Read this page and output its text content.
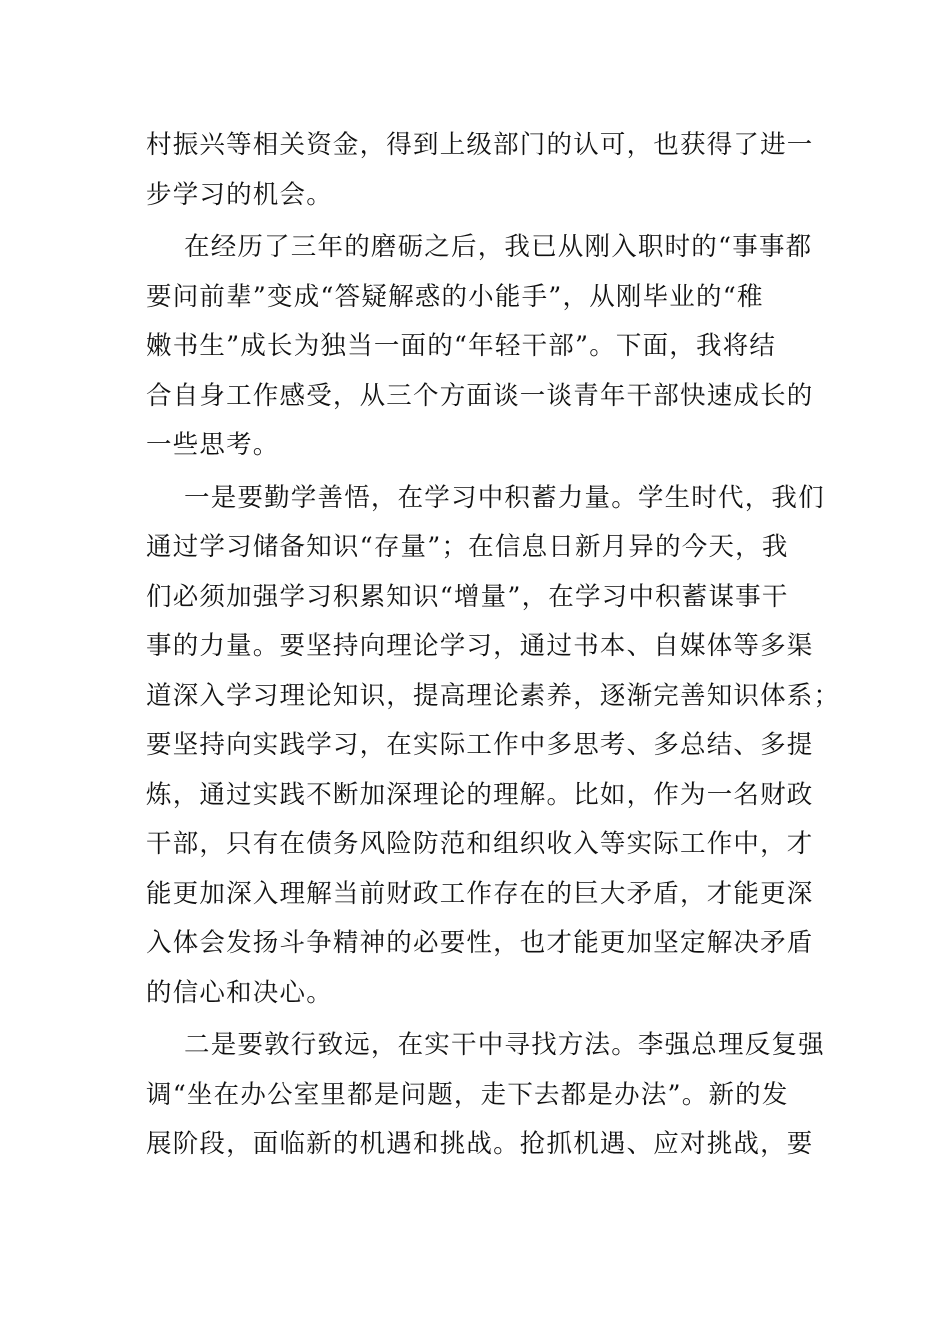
村振兴等相关资金，得到上级部门的认可，也获得了进一
步学习的机会。
在经历了三年的磨砺之后，我已从刚入职时的“事事都
要问前辈”变成“答疑解惑的小能手”，从刚毕业的“稚
嫩书生”成长为独当一面的“年轻干部”。下面，我将结
合自身工作感受，从三个方面谈一谈青年干部快速成长的
一些思考。
一是要勤学善悟，在学习中积蓄力量。学生时代，我们
通过学习储备知识“存量”；在信息日新月异的今天，我
们必须加强学习积累知识“增量”，在学习中积蓄谋事干
事的力量。要坚持向理论学习，通过书本、自媒体等多渠
道深入学习理论知识，提高理论素养，逐渐完善知识体系；
要坚持向实践学习，在实际工作中多思考、多总结、多提
炼，通过实践不断加深理论的理解。比如，作为一名财政
干部，只有在债务风险防范和组织收入等实际工作中，才
能更加深入理解当前财政工作存在的巨大矛盾，才能更深
入体会发扬斗争精神的必要性，也才能更加坚定解决矛盾
的信心和决心。
二是要敦行致远，在实干中寻找方法。李强总理反复强
调“坐在办公室里都是问题，走下去都是办法”。新的发
展阶段，面临新的机遇和挑战。抢抓机遇、应对挑战，要
